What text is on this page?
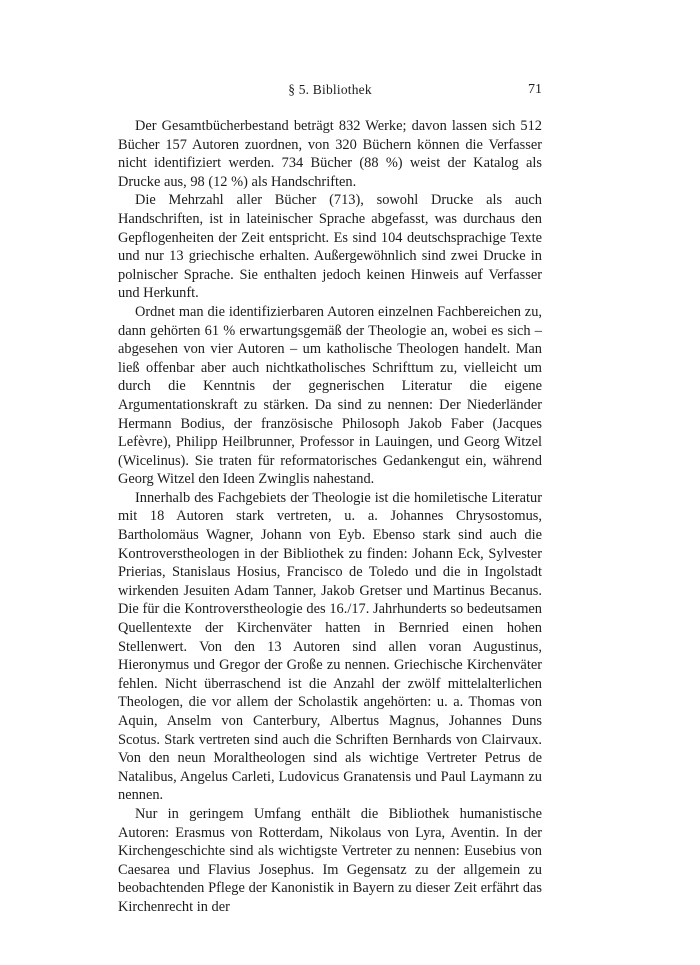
§ 5. Bibliothek	71

Der Gesamtbücherbestand beträgt 832 Werke; davon lassen sich 512 Bücher 157 Autoren zuordnen, von 320 Büchern können die Verfasser nicht identifiziert werden. 734 Bücher (88 %) weist der Katalog als Drucke aus, 98 (12 %) als Handschriften.

Die Mehrzahl aller Bücher (713), sowohl Drucke als auch Handschriften, ist in lateinischer Sprache abgefasst, was durchaus den Gepflogenheiten der Zeit entspricht. Es sind 104 deutschsprachige Texte und nur 13 griechische erhalten. Außergewöhnlich sind zwei Drucke in polnischer Sprache. Sie enthalten jedoch keinen Hinweis auf Verfasser und Herkunft.

Ordnet man die identifizierbaren Autoren einzelnen Fachbereichen zu, dann gehörten 61 % erwartungsgemäß der Theologie an, wobei es sich – abgesehen von vier Autoren – um katholische Theologen handelt. Man ließ offenbar aber auch nichtkatholisches Schrifttum zu, vielleicht um durch die Kenntnis der gegnerischen Literatur die eigene Argumentationskraft zu stärken. Da sind zu nennen: Der Niederländer Hermann Bodius, der französische Philosoph Jakob Faber (Jacques Lefèvre), Philipp Heilbrunner, Professor in Lauingen, und Georg Witzel (Wicelinus). Sie traten für reformatorisches Gedankengut ein, während Georg Witzel den Ideen Zwinglis nahestand.

Innerhalb des Fachgebiets der Theologie ist die homiletische Literatur mit 18 Autoren stark vertreten, u. a. Johannes Chrysostomus, Bartholomäus Wagner, Johann von Eyb. Ebenso stark sind auch die Kontroverstheologen in der Bibliothek zu finden: Johann Eck, Sylvester Prierias, Stanislaus Hosius, Francisco de Toledo und die in Ingolstadt wirkenden Jesuiten Adam Tanner, Jakob Gretser und Martinus Becanus. Die für die Kontroverstheologie des 16./17. Jahrhunderts so bedeutsamen Quellentexte der Kirchenväter hatten in Bernried einen hohen Stellenwert. Von den 13 Autoren sind allen voran Augustinus, Hieronymus und Gregor der Große zu nennen. Griechische Kirchenväter fehlen. Nicht überraschend ist die Anzahl der zwölf mittelalterlichen Theologen, die vor allem der Scholastik angehörten: u. a. Thomas von Aquin, Anselm von Canterbury, Albertus Magnus, Johannes Duns Scotus. Stark vertreten sind auch die Schriften Bernhards von Clairvaux. Von den neun Moraltheologen sind als wichtige Vertreter Petrus de Natalibus, Angelus Carleti, Ludovicus Granatensis und Paul Laymann zu nennen.

Nur in geringem Umfang enthält die Bibliothek humanistische Autoren: Erasmus von Rotterdam, Nikolaus von Lyra, Aventin. In der Kirchengeschichte sind als wichtigste Vertreter zu nennen: Eusebius von Caesarea und Flavius Josephus. Im Gegensatz zu der allgemein zu beobachtenden Pflege der Kanonistik in Bayern zu dieser Zeit erfährt das Kirchenrecht in der
